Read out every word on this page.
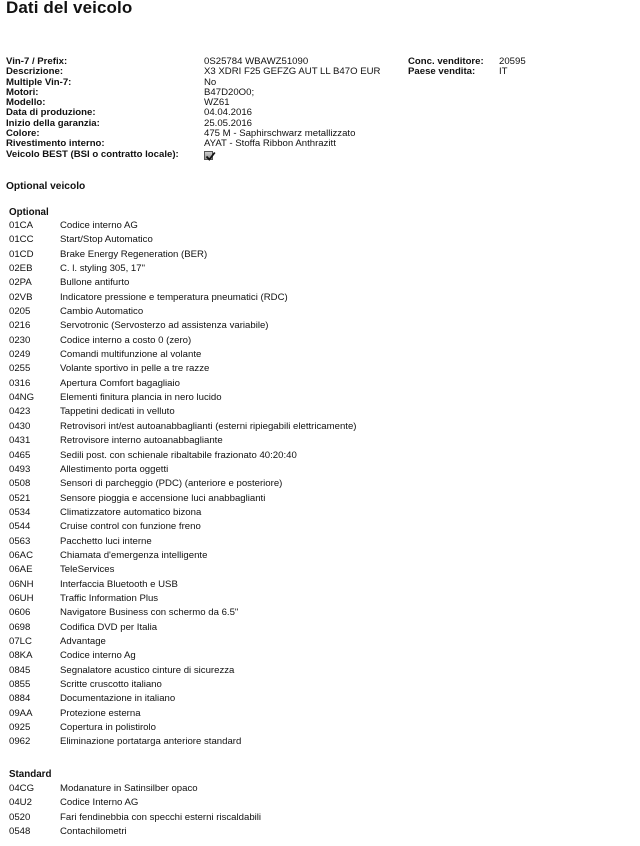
Dati del veicolo
Vin-7 / Prefix:	0S25784 WBAWZ51090	Conc. venditore: 20595
Descrizione:	X3 XDRI F25 GEFZG AUT LL B47O EUR	Paese vendita: IT
Multiple Vin-7:	No
Motori:	B47D20O0;
Modello:	WZ61
Data di produzione:	04.04.2016
Inizio della garanzia:	25.05.2016
Colore:	475 M - Saphirschwarz metallizzato
Rivestimento interno:	AYAT - Stoffa Ribbon Anthrazitt
Veicolo BEST (BSI o contratto locale):
Optional veicolo
Optional
01CA	Codice interno AG
01CC	Start/Stop Automatico
01CD	Brake Energy Regeneration (BER)
02EB	C. l. styling 305, 17"
02PA	Bullone antifurto
02VB	Indicatore pressione e temperatura pneumatici (RDC)
0205	Cambio Automatico
0216	Servotronic (Servosterzo ad assistenza variabile)
0230	Codice interno a costo 0 (zero)
0249	Comandi multifunzione al volante
0255	Volante sportivo in pelle a tre razze
0316	Apertura Comfort bagagliaio
04NG	Elementi finitura plancia in nero lucido
0423	Tappetini dedicati in velluto
0430	Retrovisori int/est autoanabbaglianti (esterni ripiegabili elettricamente)
0431	Retrovisore interno autoanabbagliante
0465	Sedili post. con schienale ribaltabile frazionato 40:20:40
0493	Allestimento porta oggetti
0508	Sensori di parcheggio (PDC) (anteriore e posteriore)
0521	Sensore pioggia e accensione luci anabbaglianti
0534	Climatizzatore automatico bizona
0544	Cruise control con funzione freno
0563	Pacchetto luci interne
06AC	Chiamata d'emergenza intelligente
06AE	TeleServices
06NH	Interfaccia Bluetooth e USB
06UH	Traffic Information Plus
0606	Navigatore Business con schermo da 6.5"
0698	Codifica DVD per Italia
07LC	Advantage
08KA	Codice interno Ag
0845	Segnalatore acustico cinture di sicurezza
0855	Scritte cruscotto italiano
0884	Documentazione in italiano
09AA	Protezione esterna
0925	Copertura in polistirolo
0962	Eliminazione portatarga anteriore standard
Standard
04CG	Modanature in Satinsilber opaco
04U2	Codice Interno AG
0520	Fari fendinebbia con specchi esterni riscaldabili
0548	Contachilometri
